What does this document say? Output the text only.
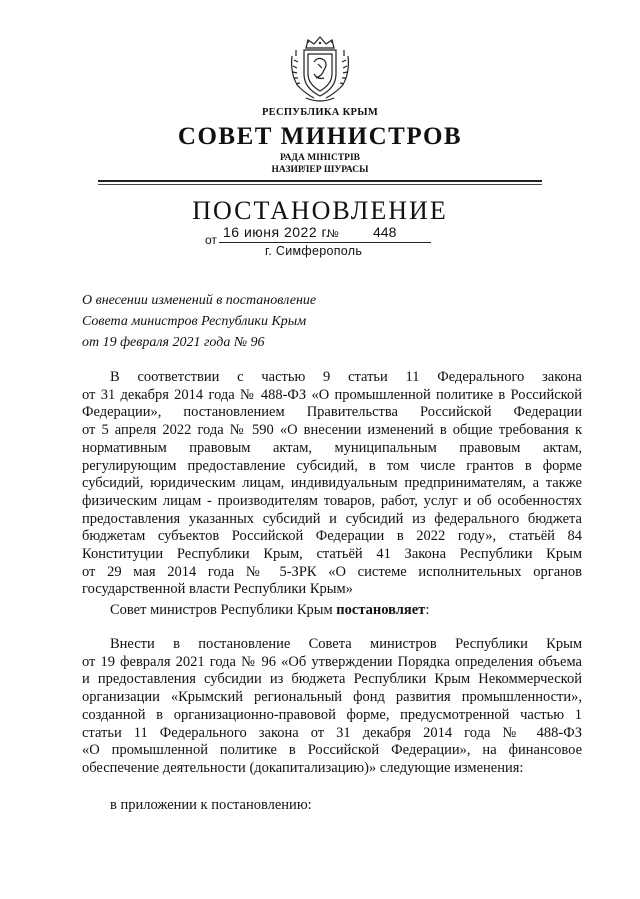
РЕСПУБЛИКА КРЫМ
СОВЕТ МИНИСТРОВ
РАДА МІНІСТРІВ
НАЗИРЛЕР ШУРАСЫ
ПОСТАНОВЛЕНИЕ
от 16 июня 2022 г.
№ 448
г. Симферополь
О внесении изменений в постановление
Совета министров Республики Крым
от 19 февраля 2021 года № 96
В соответствии с частью 9 статьи 11 Федерального закона
от 31 декабря 2014 года № 488-ФЗ «О промышленной политике в Российской
Федерации», постановлением Правительства Российской Федерации
от 5 апреля 2022 года № 590 «О внесении изменений в общие требования к
нормативным правовым актам, муниципальным правовым актам,
регулирующим предоставление субсидий, в том числе грантов в форме
субсидий, юридическим лицам, индивидуальным предпринимателям, а также
физическим лицам - производителям товаров, работ, услуг и об особенностях
предоставления указанных субсидий и субсидий из федерального бюджета
бюджетам субъектов Российской Федерации в 2022 году», статьёй 84
Конституции Республики Крым, статьёй 41 Закона Республики Крым
от 29 мая 2014 года № 5-ЗРК «О системе исполнительных органов
государственной власти Республики Крым»
Совет министров Республики Крым постановляет:
Внести в постановление Совета министров Республики Крым
от 19 февраля 2021 года № 96 «Об утверждении Порядка определения объема
и предоставления субсидии из бюджета Республики Крым Некоммерческой
организации «Крымский региональный фонд развития промышленности»,
созданной в организационно-правовой форме, предусмотренной частью 1
статьи 11 Федерального закона от 31 декабря 2014 года № 488-ФЗ
«О промышленной политике в Российской Федерации», на финансовое
обеспечение деятельности (докапитализацию)» следующие изменения:
в приложении к постановлению:
